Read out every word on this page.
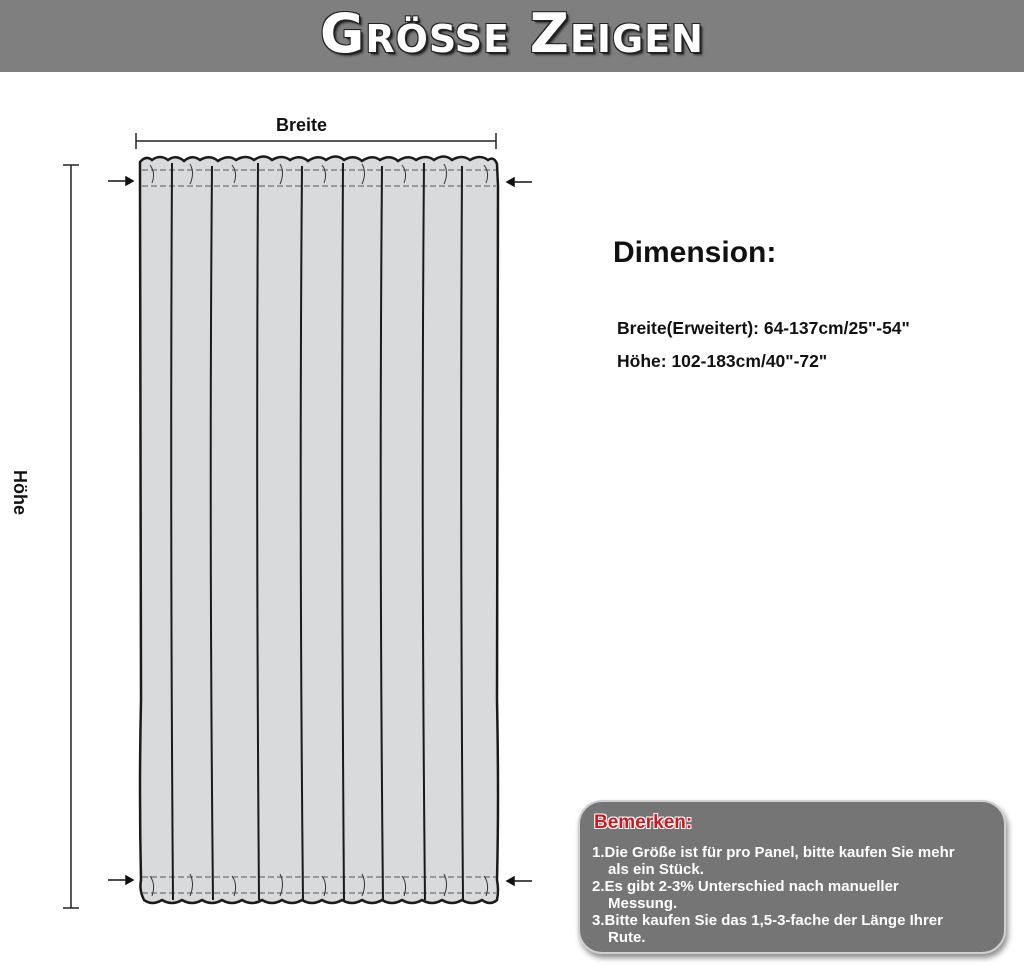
Größe Zeigen
Breite
Höhe
Dimension:
Breite(Erweitert): 64-137cm/25"-54"
Höhe: 102-183cm/40"-72"
Bemerken:
1.Die Größe ist für pro Panel, bitte kaufen Sie mehr
als ein Stück.
2.Es gibt 2-3% Unterschied nach manueller
Messung.
3.Bitte kaufen Sie das 1,5-3-fache der Länge Ihrer
Rute.
